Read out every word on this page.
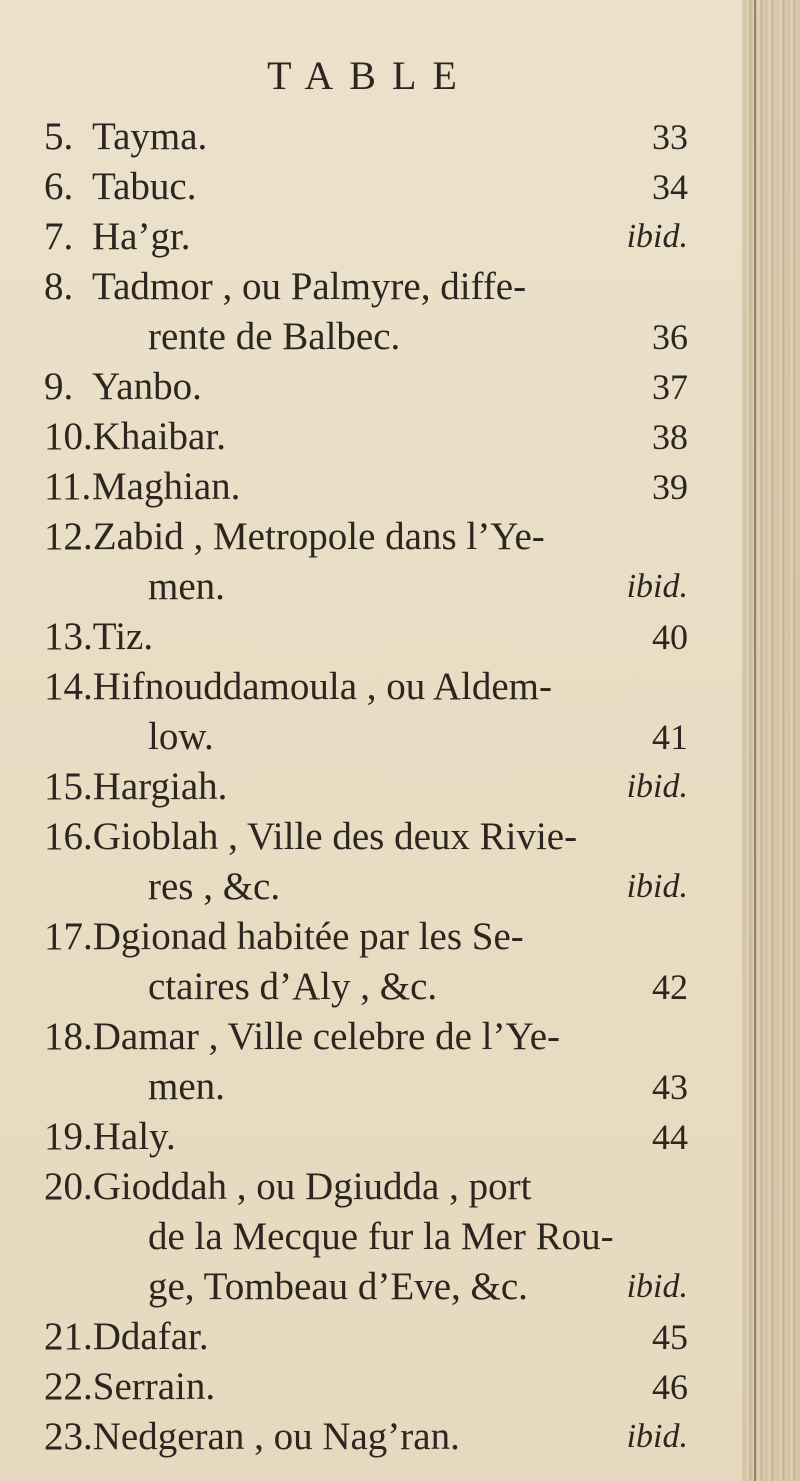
TABLE
5. Tayma.	33
6. Tabuc.	34
7. Ha’gr.	ibid.
8. Tadmor , ou Palmyre, diffe-
rente de Balbec.	36
9. Yanbo.	37
10.Khaibar.	38
11.Maghian.	39
12.Zabid , Metropole dans l’Ye-
men.	ibid.
13.Tiz.	40
14.Hifnouddamoula , ou Aldem-
low.	41
15.Hargiah.	ibid.
16.Gioblah , Ville des deux Rivie-
res , &c.	ibid.
17.Dgionad habitée par les Se-
ctaires d’Aly , &c.	42
18.Damar , Ville celebre de l’Ye-
men.	43
19.Haly.	44
20.Gioddah , ou Dgiudda , port
de la Mecque fur la Mer Rou-
ge, Tombeau d’Eve, &c.	ibid.
21.Ddafar.	45
22.Serrain.	46
23.Nedgeran , ou Nag’ran.	ibid.
